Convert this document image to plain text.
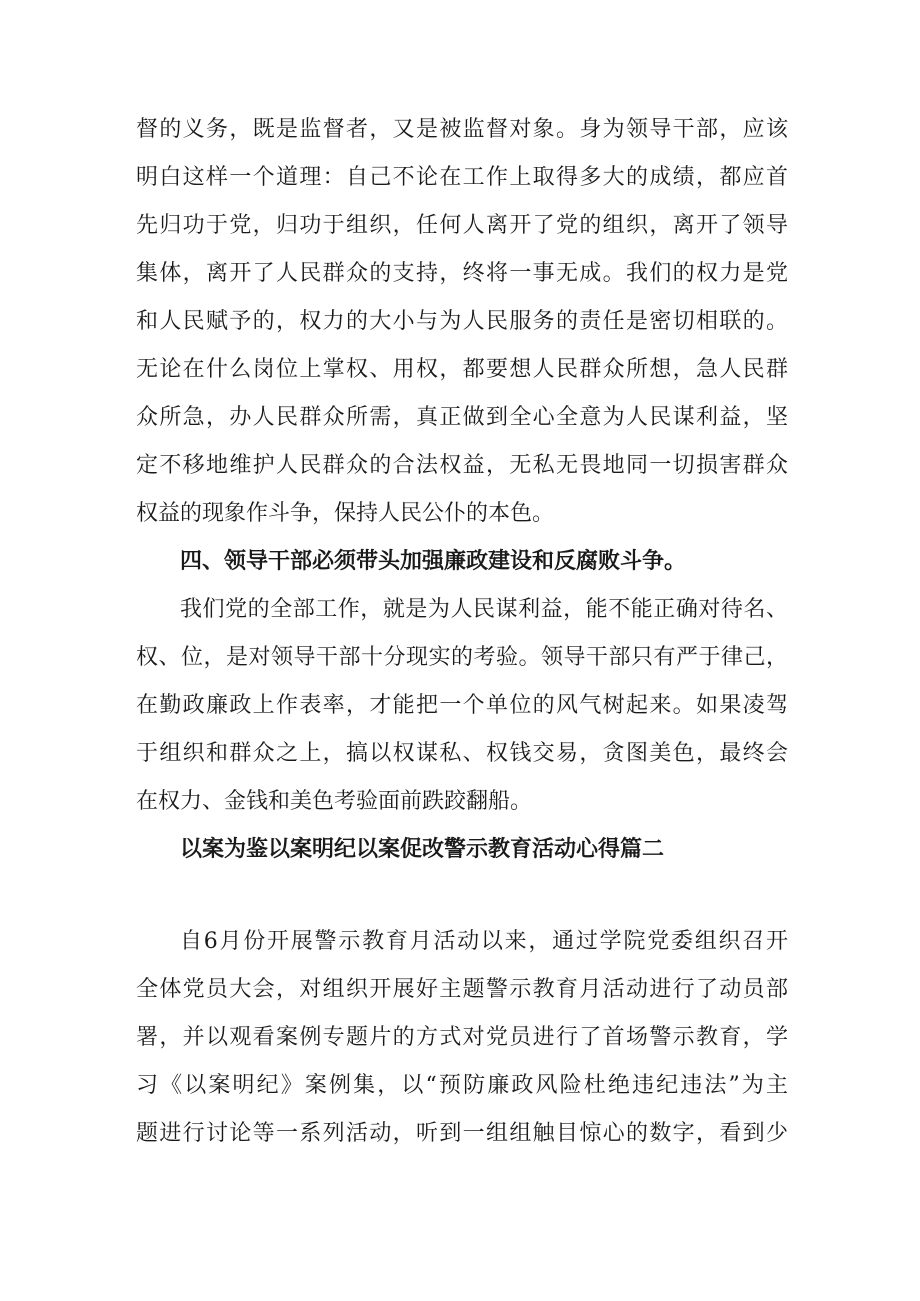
督的义务，既是监督者，又是被监督对象。身为领导干部，应该
明白这样一个道理：自己不论在工作上取得多大的成绩，都应首
先归功于党，归功于组织，任何人离开了党的组织，离开了领导
集体，离开了人民群众的支持，终将一事无成。我们的权力是党
和人民赋予的，权力的大小与为人民服务的责任是密切相联的。
无论在什么岗位上掌权、用权，都要想人民群众所想，急人民群
众所急，办人民群众所需，真正做到全心全意为人民谋利益，坚
定不移地维护人民群众的合法权益，无私无畏地同一切损害群众
权益的现象作斗争，保持人民公仆的本色。
四、领导干部必须带头加强廉政建设和反腐败斗争。
我们党的全部工作，就是为人民谋利益，能不能正确对待名、
权、位，是对领导干部十分现实的考验。领导干部只有严于律己，
在勤政廉政上作表率，才能把一个单位的风气树起来。如果凌驾
于组织和群众之上，搞以权谋私、权钱交易，贪图美色，最终会
在权力、金钱和美色考验面前跌跤翻船。
以案为鉴以案明纪以案促改警示教育活动心得篇二
自6月份开展警示教育月活动以来，通过学院党委组织召开
全体党员大会，对组织开展好主题警示教育月活动进行了动员部
署，并以观看案例专题片的方式对党员进行了首场警示教育，学
习《以案明纪》案例集，以“预防廉政风险杜绝违纪违法”为主
题进行讨论等一系列活动，听到一组组触目惊心的数字，看到少
